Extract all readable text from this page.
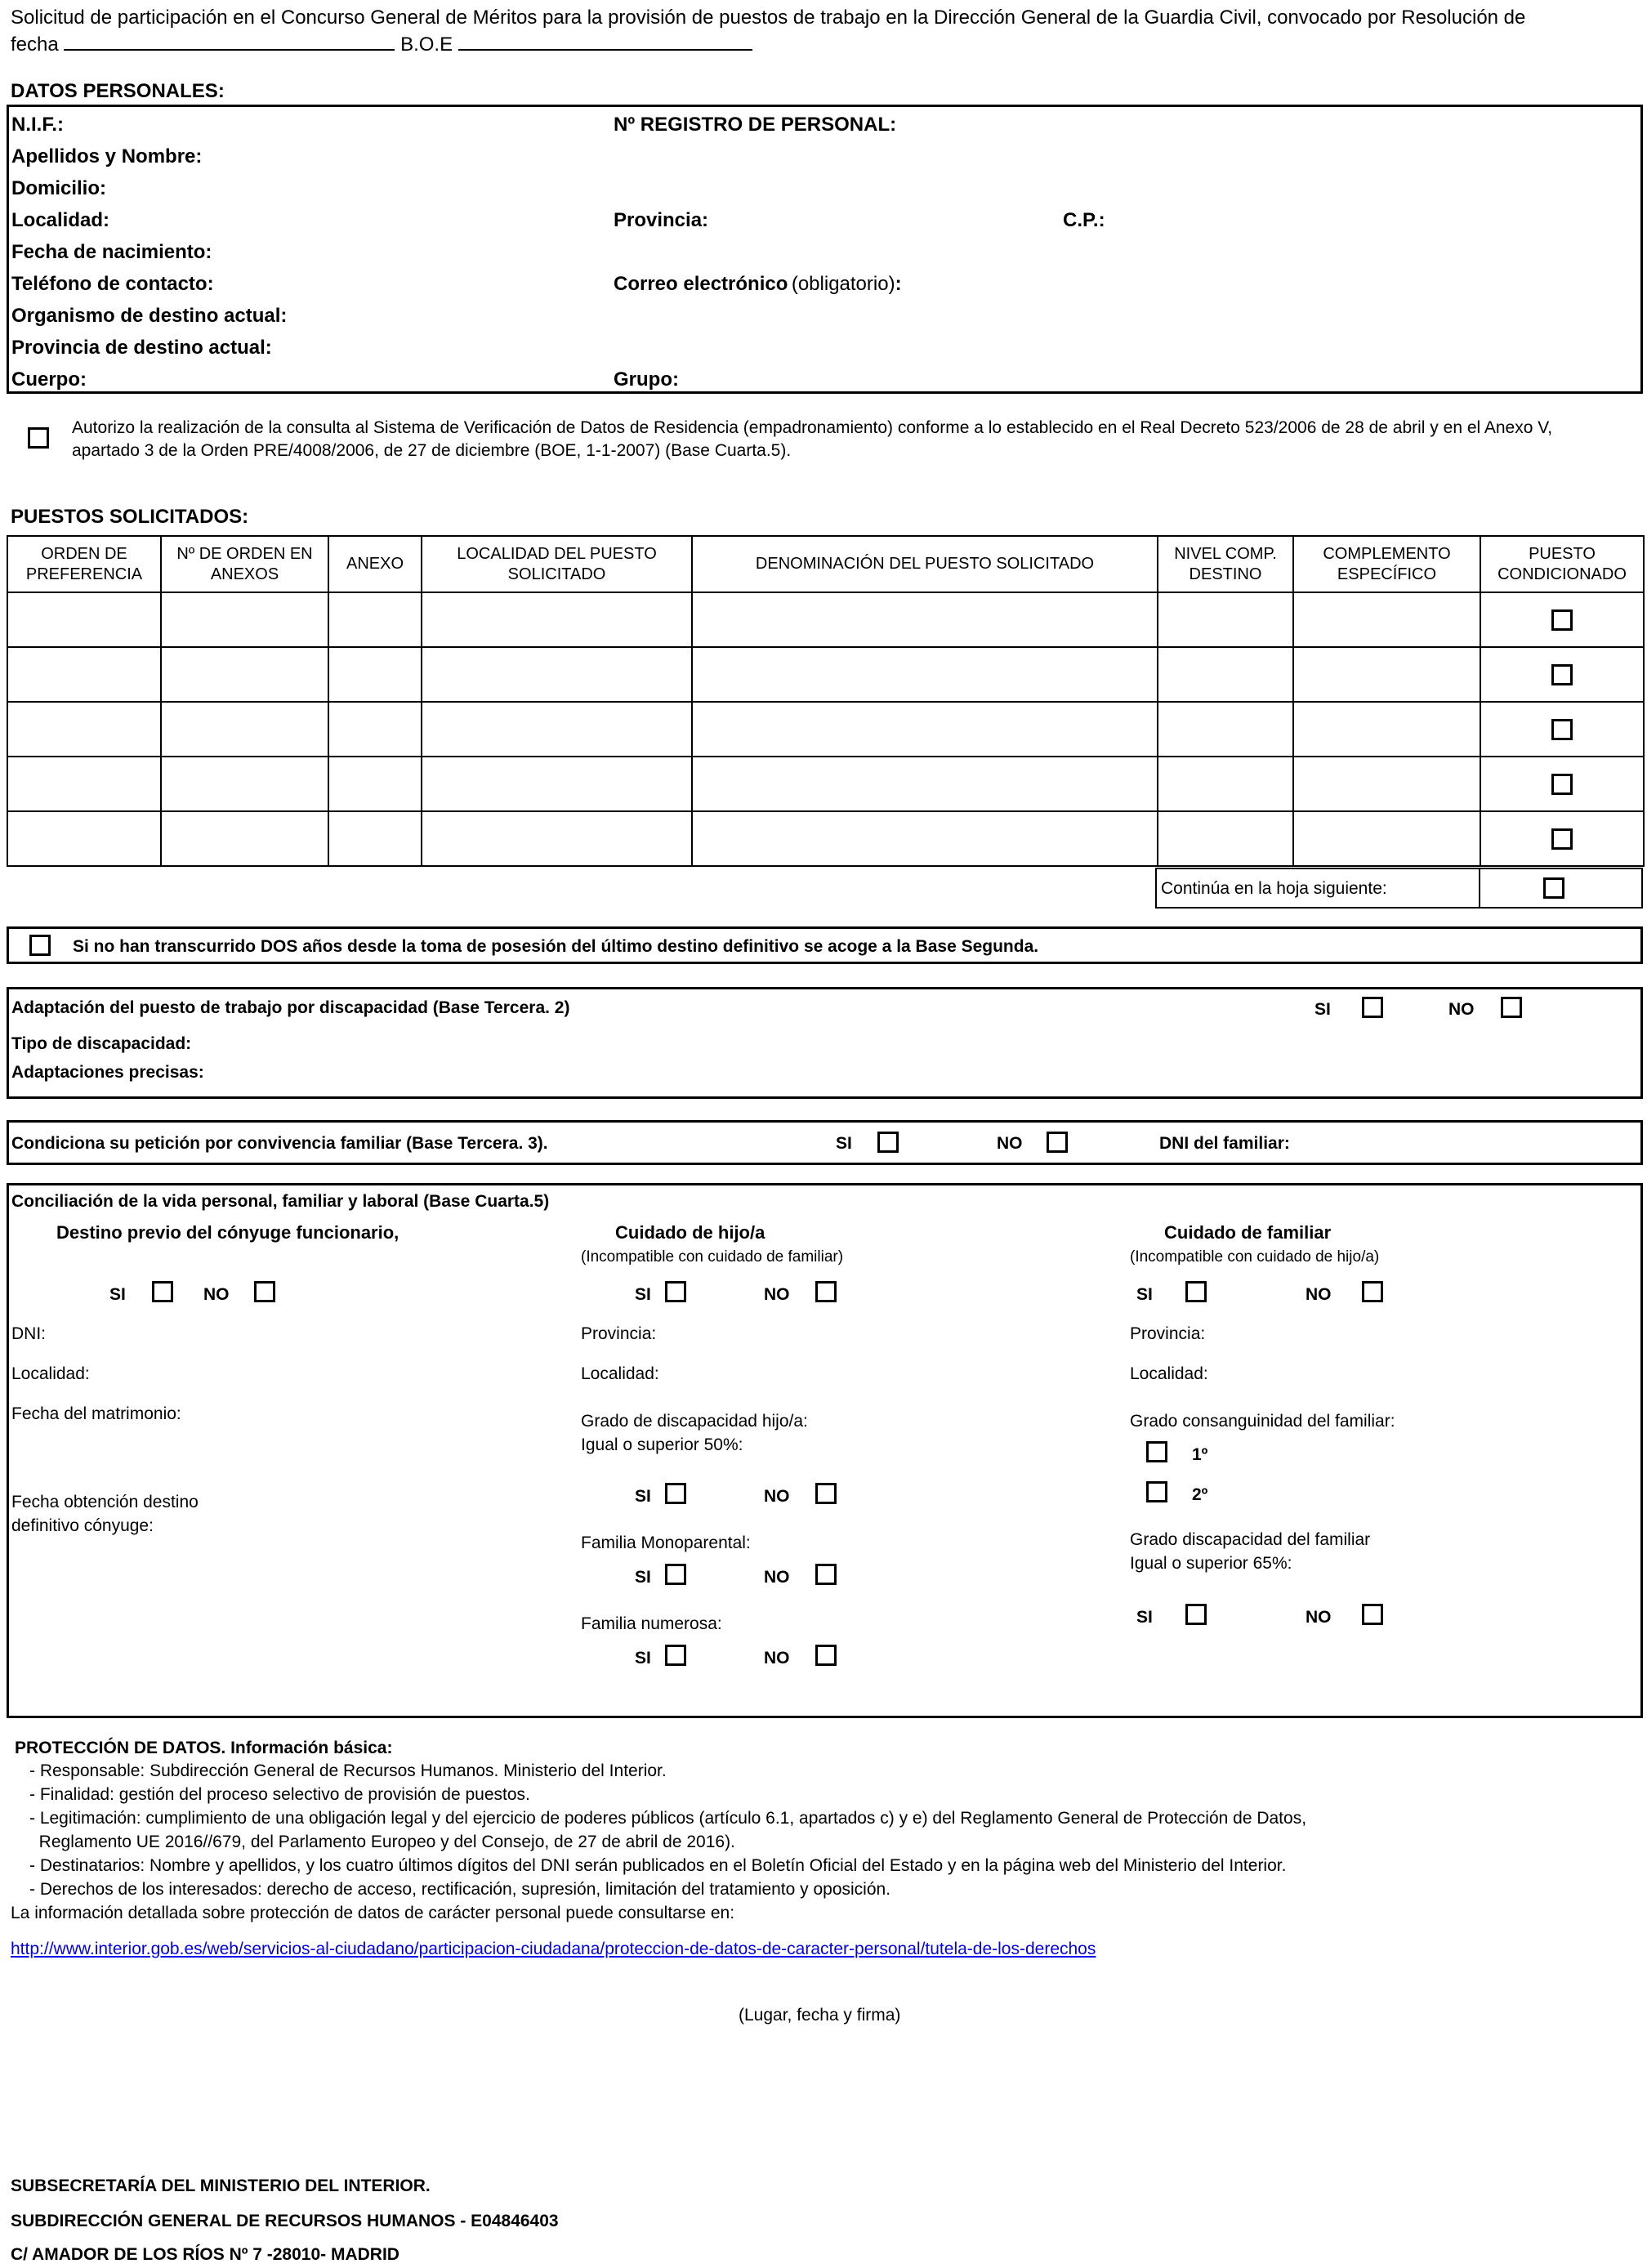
Solicitud de participación en el Concurso General de Méritos para la provisión de puestos de trabajo en la Dirección General de la Guardia Civil, convocado por Resolución de
fecha	B.O.E
DATOS PERSONALES:
N.I.F.:	Nº REGISTRO DE PERSONAL:
Apellidos y Nombre:
Domicilio:
Localidad:	Provincia:	C.P.:
Fecha de nacimiento:
Teléfono de contacto:	Correo electrónico (obligatorio):
Organismo de destino actual:
Provincia de destino actual:
Cuerpo:	Grupo:
Autorizo la realización de la consulta al Sistema de Verificación de Datos de Residencia (empadronamiento) conforme a lo establecido en el Real Decreto 523/2006 de 28 de abril y en el Anexo V,
apartado 3 de la Orden PRE/4008/2006, de 27 de diciembre (BOE, 1-1-2007) (Base Cuarta.5).
PUESTOS SOLICITADOS:
ORDEN DE PREFERENCIA	Nº DE ORDEN EN ANEXOS	ANEXO	LOCALIDAD DEL PUESTO SOLICITADO	DENOMINACIÓN DEL PUESTO SOLICITADO	NIVEL COMP. DESTINO	COMPLEMENTO ESPECÍFICO	PUESTO CONDICIONADO

Continúa en la hoja siguiente:
Si no han transcurrido DOS años desde la toma de posesión del último destino definitivo se acoge a la Base Segunda.
Adaptación del puesto de trabajo por discapacidad (Base Tercera. 2)	SI	NO
Tipo de discapacidad:
Adaptaciones precisas:
Condiciona su petición por convivencia familiar (Base Tercera. 3).	SI	NO	DNI del familiar:
Conciliación de la vida personal, familiar y laboral (Base Cuarta.5)
Destino previo del cónyuge funcionario,
SI	NO
DNI:
Localidad:
Fecha del matrimonio:
Fecha obtención destino
definitivo cónyuge:
Cuidado de hijo/a
(Incompatible con cuidado de familiar)
SI	NO
Provincia:
Localidad:
Grado de discapacidad hijo/a:
Igual o superior 50%:
SI	NO
Familia Monoparental:
SI	NO
Familia numerosa:
SI	NO
Cuidado de familiar
(Incompatible con cuidado de hijo/a)
SI	NO
Provincia:
Localidad:
Grado consanguinidad del familiar:
1º
2º
Grado discapacidad del familiar
Igual o superior 65%:
SI	NO
PROTECCIÓN DE DATOS. Información básica:
- Responsable: Subdirección General de Recursos Humanos. Ministerio del Interior.
- Finalidad: gestión del proceso selectivo de provisión de puestos.
- Legitimación: cumplimiento de una obligación legal y del ejercicio de poderes públicos (artículo 6.1, apartados c) y e) del Reglamento General de Protección de Datos,
Reglamento UE 2016//679, del Parlamento Europeo y del Consejo, de 27 de abril de 2016).
- Destinatarios: Nombre y apellidos, y los cuatro últimos dígitos del DNI serán publicados en el Boletín Oficial del Estado y en la página web del Ministerio del Interior.
- Derechos de los interesados: derecho de acceso, rectificación, supresión, limitación del tratamiento y oposición.
La información detallada sobre protección de datos de carácter personal puede consultarse en:
http://www.interior.gob.es/web/servicios-al-ciudadano/participacion-ciudadana/proteccion-de-datos-de-caracter-personal/tutela-de-los-derechos
(Lugar, fecha y firma)
SUBSECRETARÍA DEL MINISTERIO DEL INTERIOR.
SUBDIRECCIÓN GENERAL DE RECURSOS HUMANOS - E04846403
C/ AMADOR DE LOS RÍOS Nº 7 -28010- MADRID
